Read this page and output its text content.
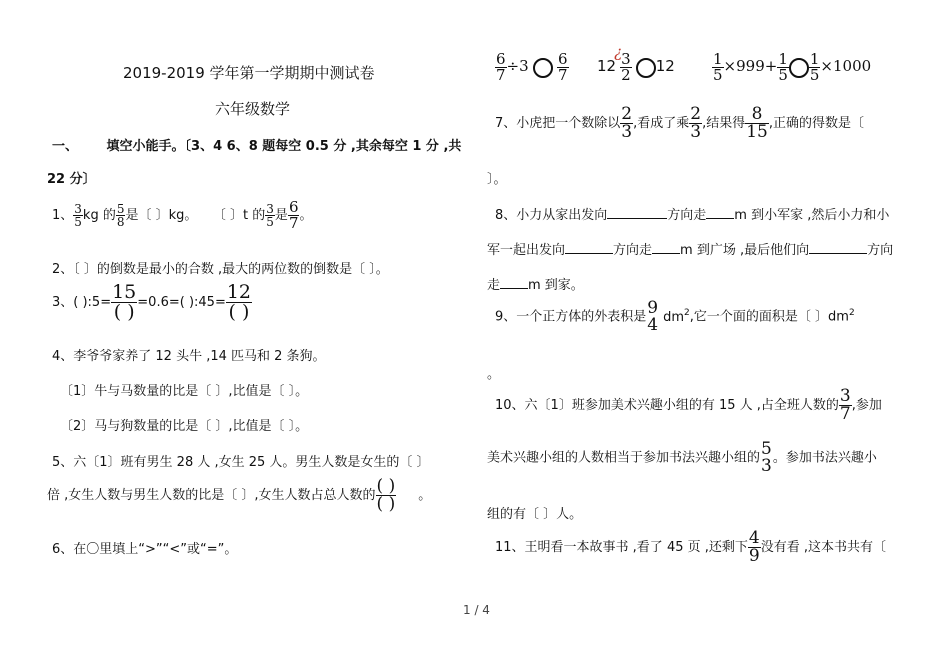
2019-2019 学年第一学期期中测试卷
六年级数学
一、 填空小能手。〔3、4 6、8 题每空 0.5 分 ,其余每空 1 分 ,共
22 分〕
1、 $\frac{3}{5}$ kg 的 $\frac{5}{8}$ 是〔 〕kg。 〔 〕t 的 $\frac{3}{5}$ 是 $\frac{6}{7}$ 。
2、〔 〕的倒数是最小的合数 ,最大的两位数的倒数是〔 〕。
3、( ):5= $\frac{15}{( )} =0.6=$( ):45= $\frac{12}{( )}$
4、李爷爷家养了 12 头牛 ,14 匹马和 2 条狗。
〔1〕牛与马数量的比是〔 〕,比值是〔 〕。
〔2〕马与狗数量的比是〔 〕,比值是〔 〕。
5、六〔1〕班有男生 28 人 ,女生 25 人。男生人数是女生的〔 〕
倍 ,女生人数与男生人数的比是〔 〕,女生人数占总人数的 $\frac{( )}{( )}$ 。
6、在〇里填上“>”“<”或“=”。
$\frac{6}{7} \div 3 \frac{6}{7}$ 12¿
$\frac{3}{2} 12 \frac{1}{5} \times 999+ \frac{1}{5} \frac{1}{5} \times 1000$
7、小虎把一个数除以 $\frac{2}{3}$ ,看成了乘 $\frac{2}{3}$ ,结果得 $\frac{8}{15}$ ,正确的得数是〔
〕。
8、小力从家出发向	方向走 m 到小军家 ,然后小力和小
军一起出发向	方向走 m 到广场 ,最后他们向	方向
走 m 到家。
9、一个正方体的外表积是 9
4 $dm^2$,它一个面的面积是〔 〕$dm^2$
。
10、六〔1〕班参加美术兴趣小组的有 15 人 ,占全班人数的 $\frac{3}{7}$ ,参加
美术兴趣小组的人数相当于参加书法兴趣小组的 5
3 。参加书法兴趣小
组的有〔 〕人。
11、王明看一本故事书 ,看了 45 页 ,还剩下 $\frac{4}{9}$ 没有看 ,这本书共有〔
1 / 4
